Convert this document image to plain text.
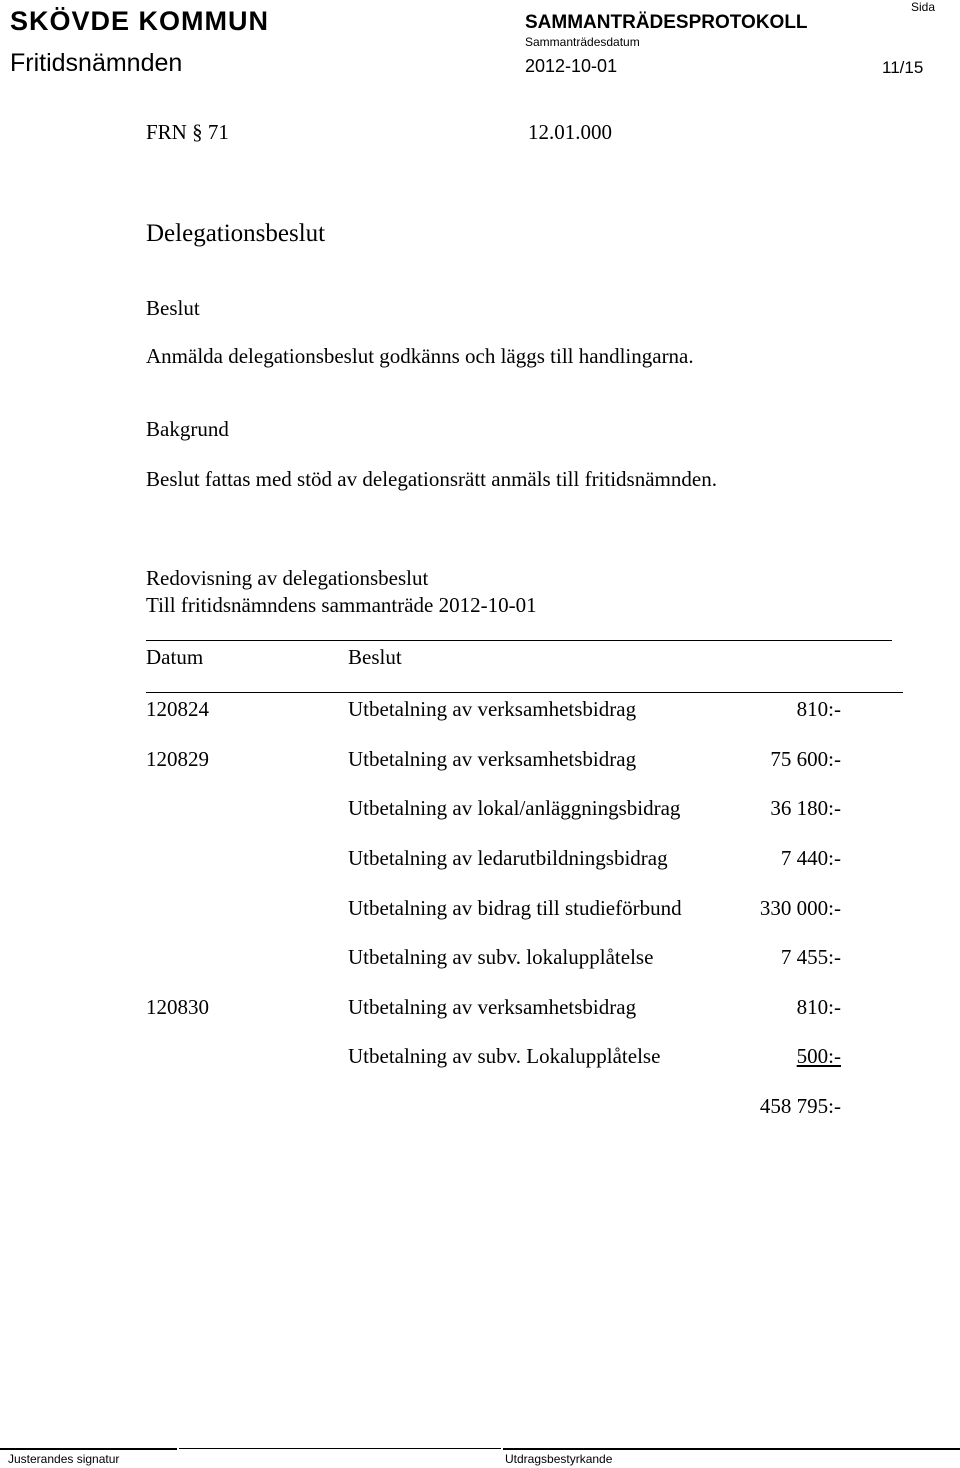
SKÖVDE KOMMUN	Sida
SAMMANTRÄDESPROTOKOLL
Sammanträdesdatum
Fritidsnämnden	2012-10-01	11/15
FRN § 71	12.01.000
Delegationsbeslut
Beslut
Anmälda delegationsbeslut godkänns och läggs till handlingarna.
Bakgrund
Beslut fattas med stöd av delegationsrätt anmäls till fritidsnämnden.
Redovisning av delegationsbeslut
Till fritidsnämndens sammanträde 2012-10-01
Datum	Beslut
120824	Utbetalning av verksamhetsbidrag	810:-
120829	Utbetalning av verksamhetsbidrag	75 600:-
Utbetalning av lokal/anläggningsbidrag	36 180:-
Utbetalning av ledarutbildningsbidrag	7 440:-
Utbetalning av bidrag till studieförbund	330 000:-
Utbetalning av subv. lokalupplåtelse	7 455:-
120830	Utbetalning av verksamhetsbidrag	810:-
Utbetalning av subv. Lokalupplåtelse	500:-
458 795:-
Justerandes signatur	Utdragsbestyrkande
